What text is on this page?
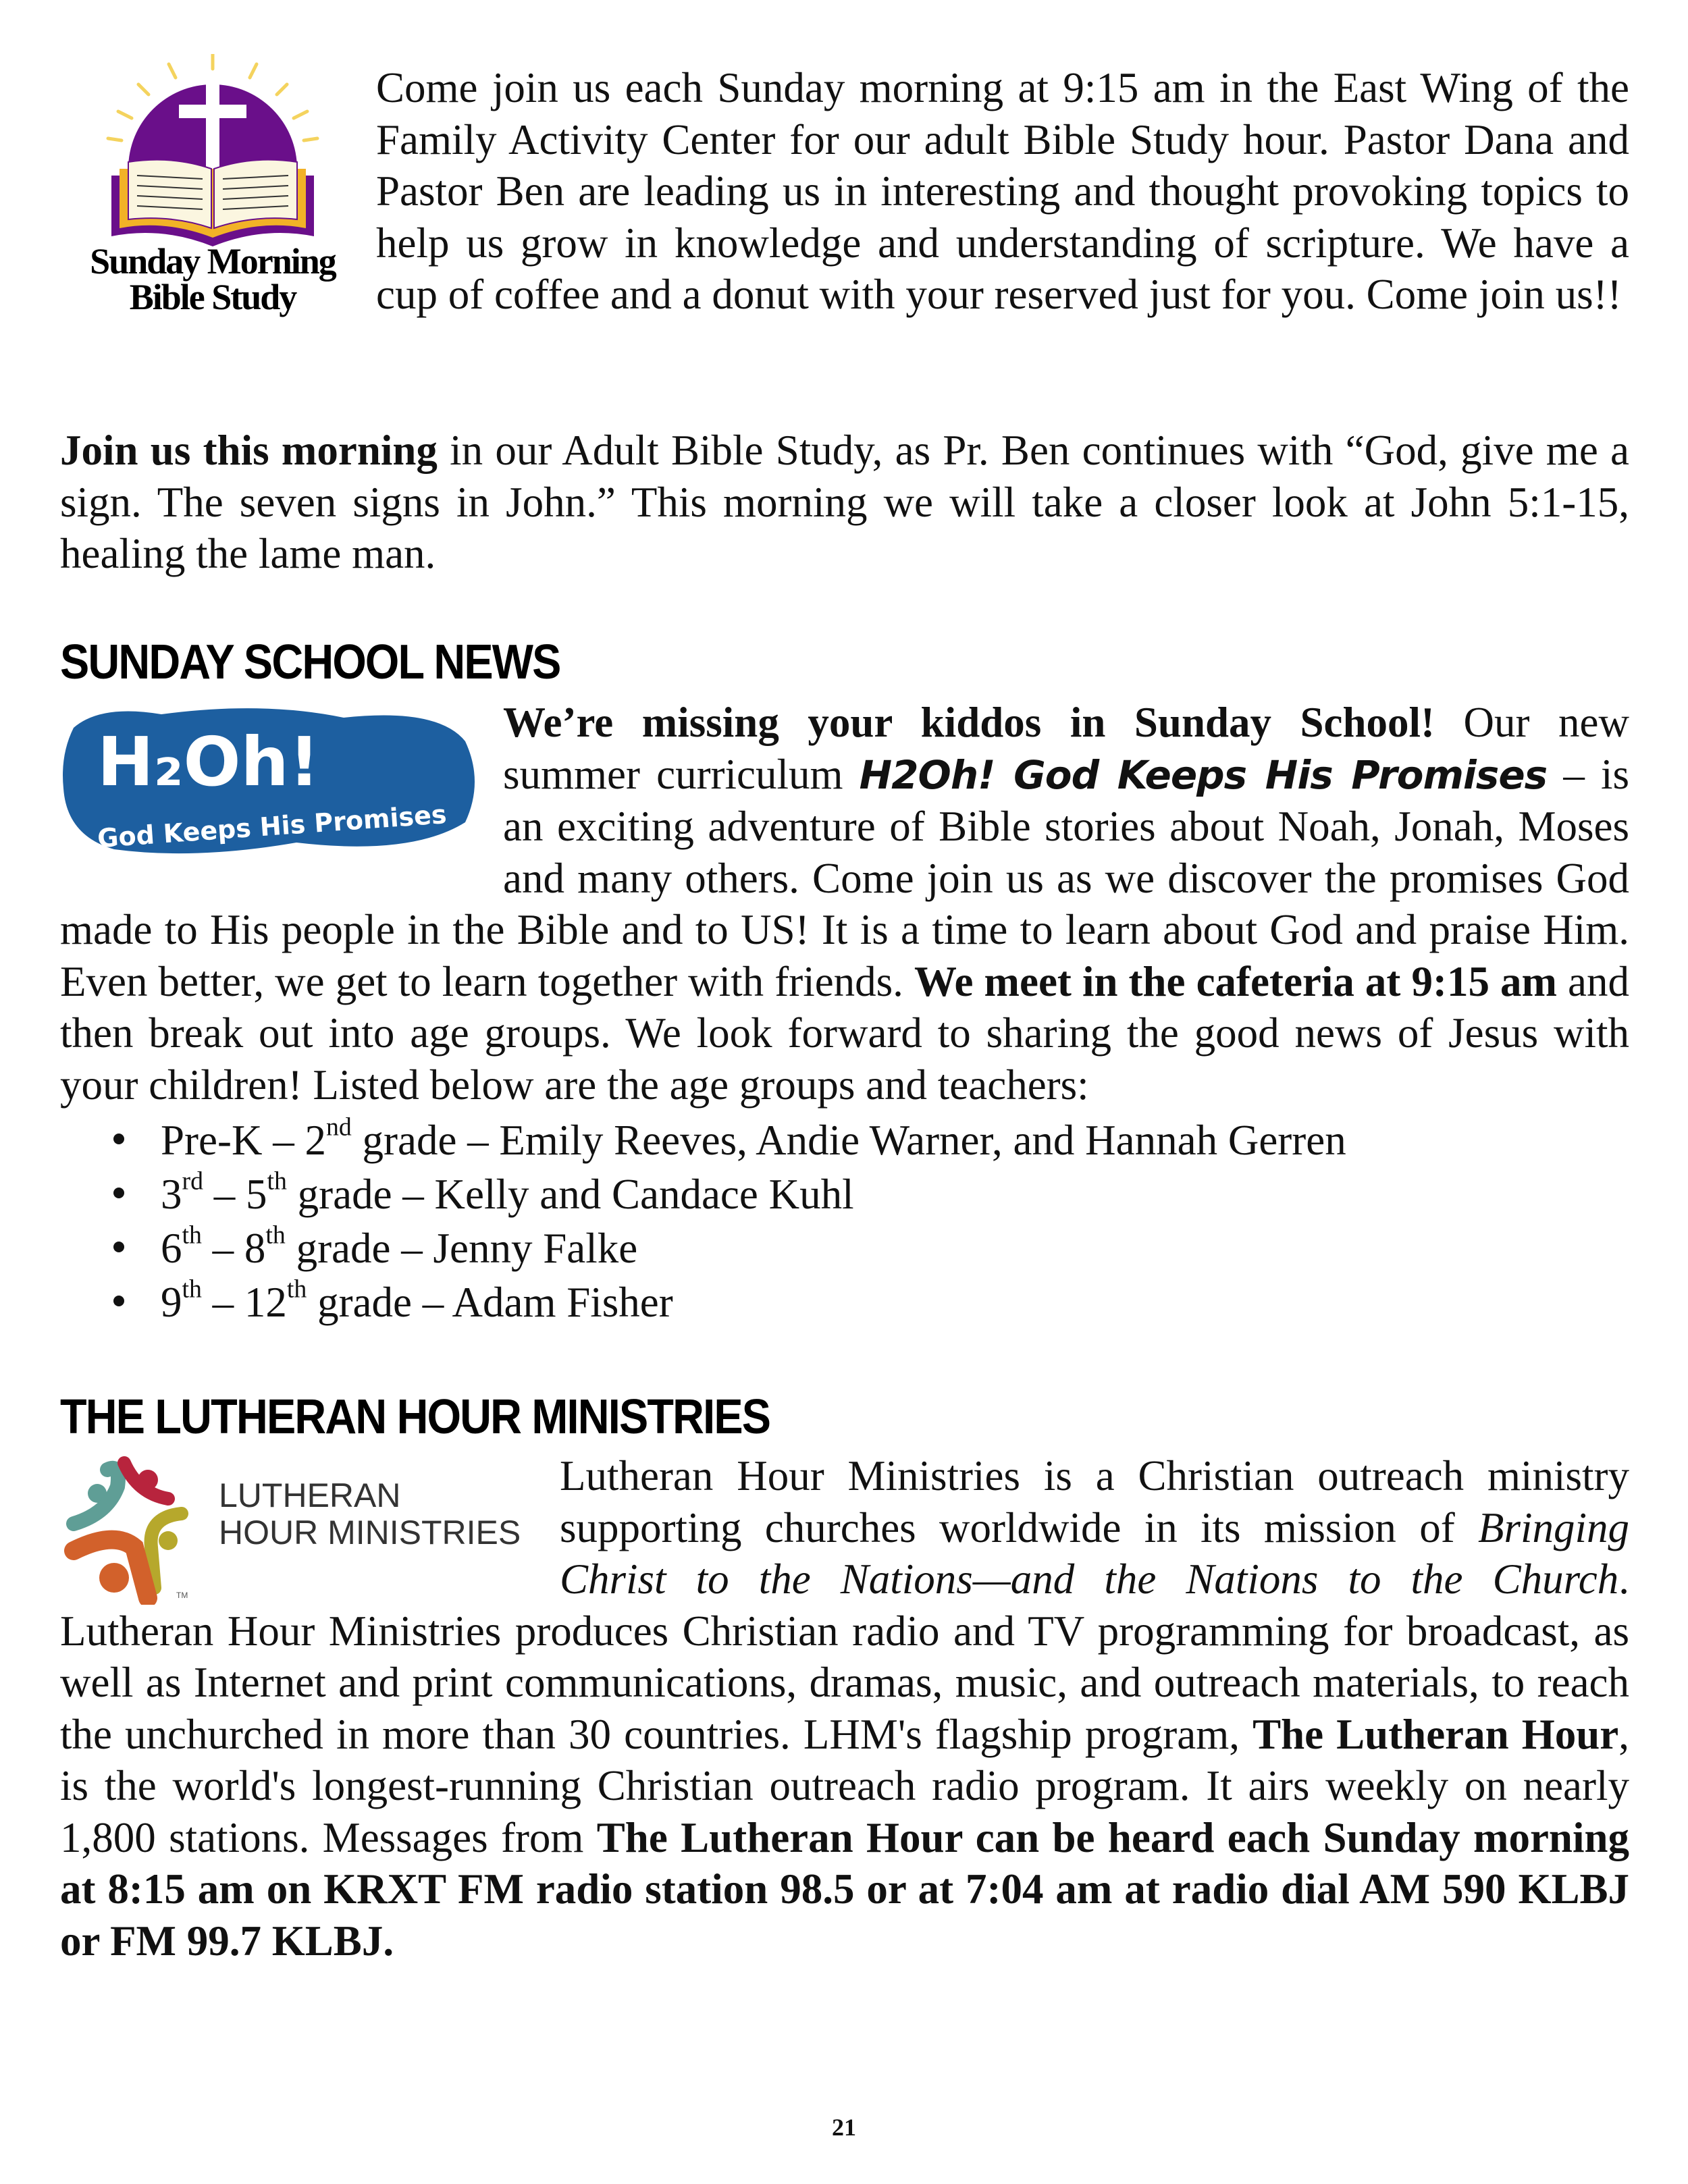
Sunday Morning
Bible Study
Come join us each Sunday morning at 9:15 am in the East Wing of the Family Activity Center for our adult Bible Study hour. Pastor Dana and Pastor Ben are leading us in interesting and thought provoking topics to help us grow in knowledge and understanding of scripture. We have a cup of coffee and a donut with your reserved just for you. Come join us!!
Join us this morning in our Adult Bible Study, as Pr. Ben continues with “God, give me a sign. The seven signs in John.” This morning we will take a closer look at John 5:1-15, healing the lame man.
SUNDAY SCHOOL NEWS
H₂Oh!
God Keeps His Promises
We’re missing your kiddos in Sunday School! Our new summer curriculum H2Oh! God Keeps His Promises – is an exciting adventure of Bible stories about Noah, Jonah, Moses and many others. Come join us as we discover the promises God made to His people in the Bible and to US! It is a time to learn about God and praise Him. Even better, we get to learn together with friends. We meet in the cafeteria at 9:15 am and then break out into age groups. We look forward to sharing the good news of Jesus with your children! Listed below are the age groups and teachers:
Pre-K – 2nd grade – Emily Reeves, Andie Warner, and Hannah Gerren
3rd – 5th grade – Kelly and Candace Kuhl
6th – 8th grade – Jenny Falke
9th – 12th grade – Adam Fisher
THE LUTHERAN HOUR MINISTRIES
TM
LUTHERAN
HOUR MINISTRIES
Lutheran Hour Ministries is a Christian outreach ministry supporting churches worldwide in its mission of Bringing Christ to the Nations—and the Nations to the Church. Lutheran Hour Ministries produces Christian radio and TV programming for broadcast, as well as Internet and print communications, dramas, music, and outreach materials, to reach the unchurched in more than 30 countries. LHM's flagship program, The Lutheran Hour, is the world's longest-running Christian outreach radio program. It airs weekly on nearly 1,800 stations. Messages from The Lutheran Hour can be heard each Sunday morning at 8:15 am on KRXT FM radio station 98.5 or at 7:04 am at radio dial AM 590 KLBJ or FM 99.7 KLBJ.
21
